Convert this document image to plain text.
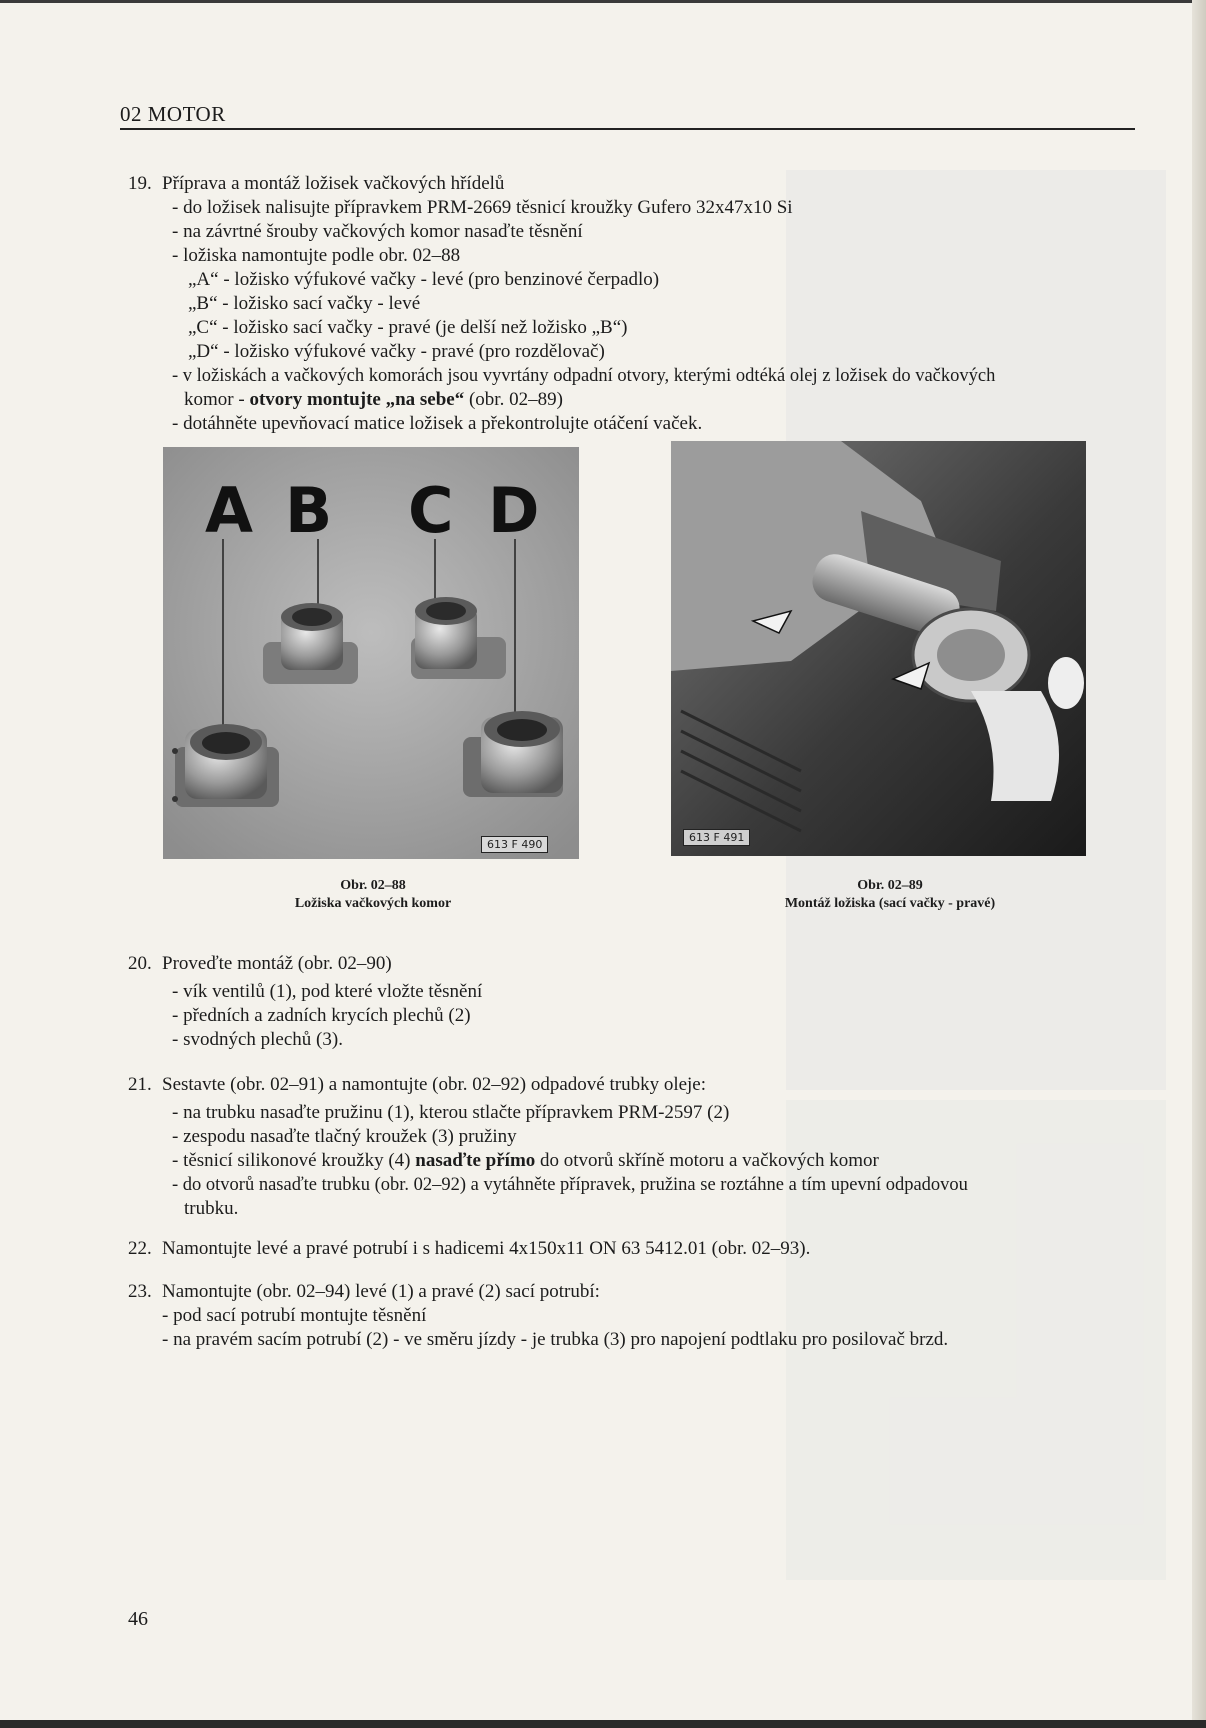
02 MOTOR
19. Příprava a montáž ložisek vačkových hřídelů
- do ložisek nalisujte přípravkem PRM-2669 těsnicí kroužky Gufero 32x47x10 Si
- na závrtné šrouby vačkových komor nasaďte těsnění
- ložiska namontujte podle obr. 02–88
„A“ - ložisko výfukové vačky - levé (pro benzinové čerpadlo)
„B“ - ložisko sací vačky - levé
„C“ - ložisko sací vačky - pravé (je delší než ložisko „B“)
„D“ - ložisko výfukové vačky - pravé (pro rozdělovač)
- v ložiskách a vačkových komorách jsou vyvrtány odpadní otvory, kterými odtéká olej z ložisek do vačkových
komor - otvory montujte „na sebe“ (obr. 02–89)
- dotáhněte upevňovací matice ložisek a překontrolujte otáčení vaček.
A B C D
613 F 490
Obr. 02–88
Ložiska vačkových komor
613 F 491
Obr. 02–89
Montáž ložiska (sací vačky - pravé)
20. Proveďte montáž (obr. 02–90)
- vík ventilů (1), pod které vložte těsnění
- předních a zadních krycích plechů (2)
- svodných plechů (3).
21. Sestavte (obr. 02–91) a namontujte (obr. 02–92) odpadové trubky oleje:
- na trubku nasaďte pružinu (1), kterou stlačte přípravkem PRM-2597 (2)
- zespodu nasaďte tlačný kroužek (3) pružiny
- těsnicí silikonové kroužky (4) nasaďte přímo do otvorů skříně motoru a vačkových komor
- do otvorů nasaďte trubku (obr. 02–92) a vytáhněte přípravek, pružina se roztáhne a tím upevní odpadovou
trubku.
22. Namontujte levé a pravé potrubí i s hadicemi 4x150x11 ON 63 5412.01 (obr. 02–93).
23. Namontujte (obr. 02–94) levé (1) a pravé (2) sací potrubí:
- pod sací potrubí montujte těsnění
- na pravém sacím potrubí (2) - ve směru jízdy - je trubka (3) pro napojení podtlaku pro posilovač brzd.
46
